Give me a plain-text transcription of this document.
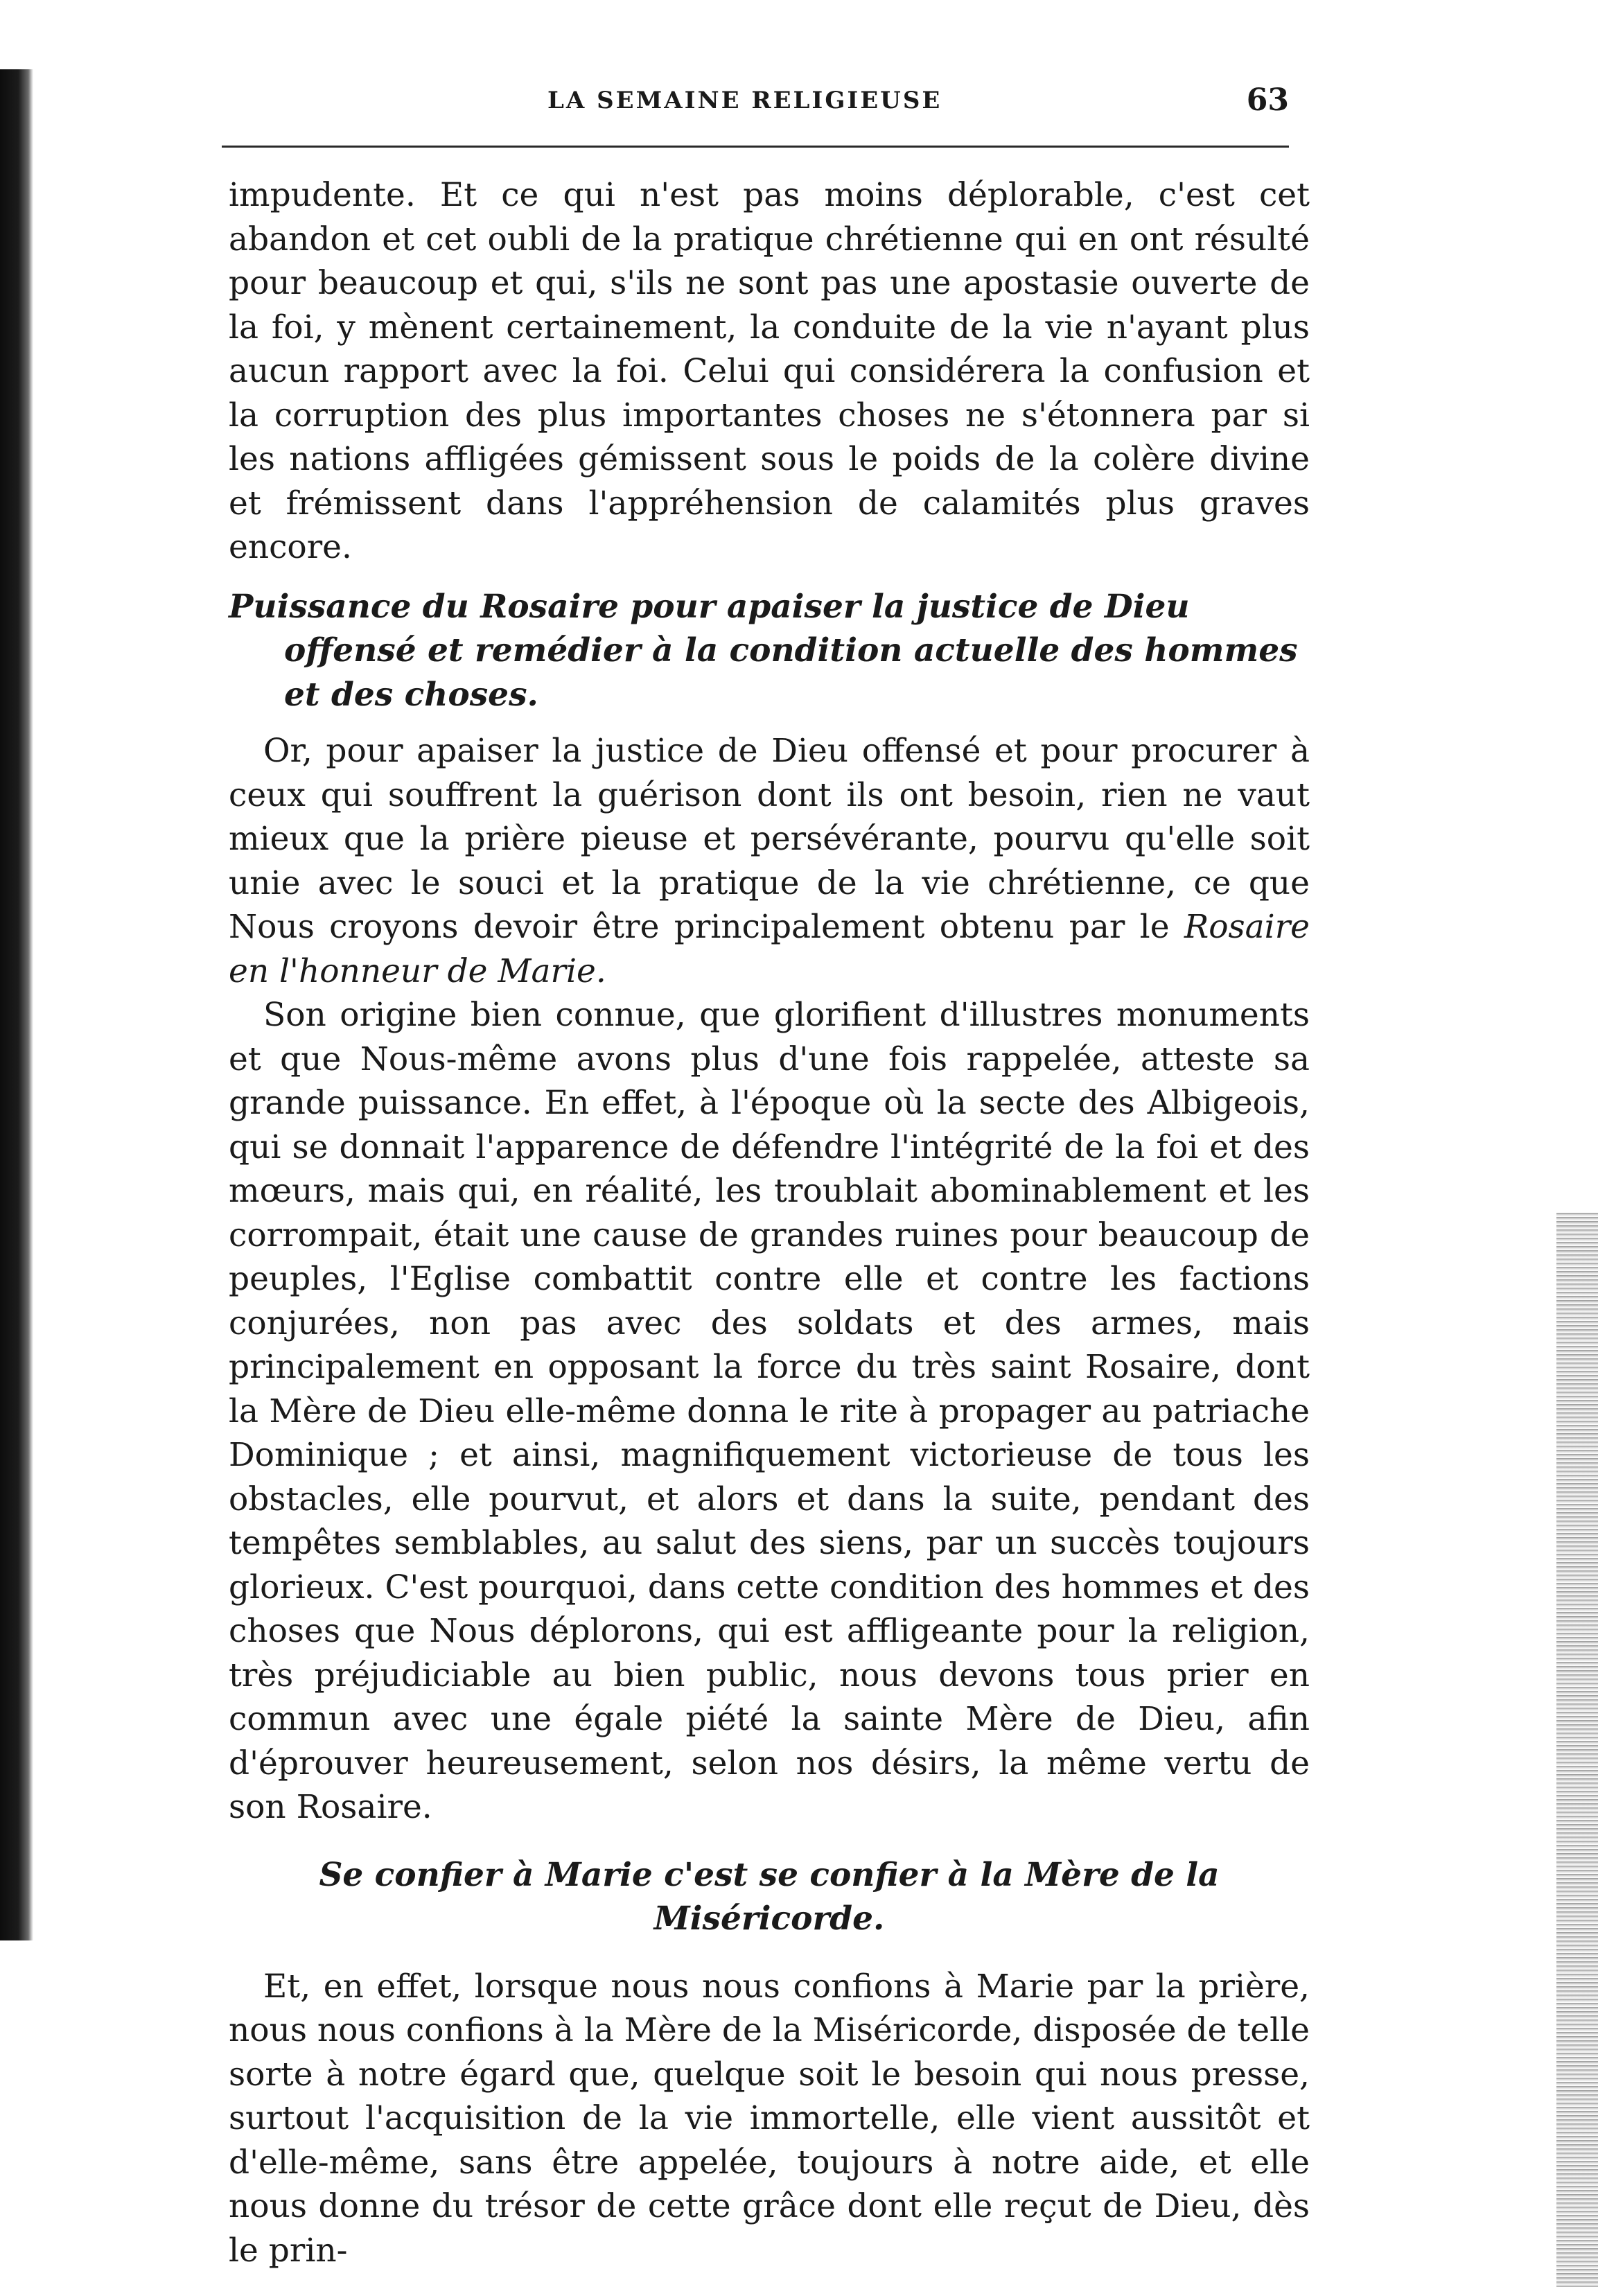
LA SEMAINE RELIGIEUSE	63

impudente. Et ce qui n'est pas moins déplorable, c'est cet abandon et cet oubli de la pratique chrétienne qui en ont résulté pour beaucoup et qui, s'ils ne sont pas une apostasie ouverte de la foi, y mènent certainement, la conduite de la vie n'ayant plus aucun rapport avec la foi. Celui qui considérera la confusion et la corruption des plus importantes choses ne s'étonnera par si les nations affligées gémissent sous le poids de la colère divine et frémissent dans l'appréhension de calamités plus graves encore.

Puissance du Rosaire pour apaiser la justice de Dieu offensé et remédier à la condition actuelle des hommes et des choses.

Or, pour apaiser la justice de Dieu offensé et pour procurer à ceux qui souffrent la guérison dont ils ont besoin, rien ne vaut mieux que la prière pieuse et persévérante, pourvu qu'elle soit unie avec le souci et la pratique de la vie chrétienne, ce que Nous croyons devoir être principalement obtenu par le Rosaire en l'honneur de Marie.

Son origine bien connue, que glorifient d'illustres monuments et que Nous-même avons plus d'une fois rappelée, atteste sa grande puissance. En effet, à l'époque où la secte des Albigeois, qui se donnait l'apparence de défendre l'intégrité de la foi et des mœurs, mais qui, en réalité, les troublait abominablement et les corrompait, était une cause de grandes ruines pour beaucoup de peuples, l'Eglise combattit contre elle et contre les factions conjurées, non pas avec des soldats et des armes, mais principalement en opposant la force du très saint Rosaire, dont la Mère de Dieu elle-même donna le rite à propager au patriache Dominique ; et ainsi, magnifiquement victorieuse de tous les obstacles, elle pourvut, et alors et dans la suite, pendant des tempêtes semblables, au salut des siens, par un succès toujours glorieux. C'est pourquoi, dans cette condition des hommes et des choses que Nous déplorons, qui est affligeante pour la religion, très préjudiciable au bien public, nous devons tous prier en commun avec une égale piété la sainte Mère de Dieu, afin d'éprouver heureusement, selon nos désirs, la même vertu de son Rosaire.

Se confier à Marie c'est se confier à la Mère de la Miséricorde.

Et, en effet, lorsque nous nous confions à Marie par la prière, nous nous confions à la Mère de la Miséricorde, disposée de telle sorte à notre égard que, quelque soit le besoin qui nous presse, surtout l'acquisition de la vie immortelle, elle vient aussitôt et d'elle-même, sans être appelée, toujours à notre aide, et elle nous donne du trésor de cette grâce dont elle reçut de Dieu, dès le prin-
